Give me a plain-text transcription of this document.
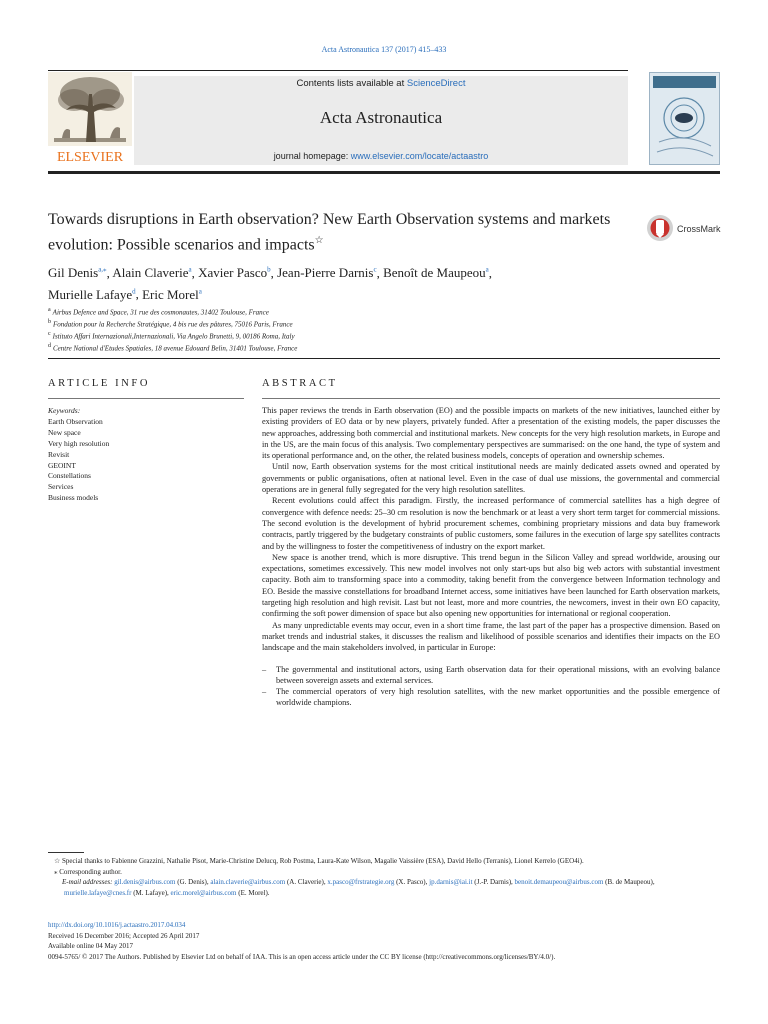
Acta Astronautica 137 (2017) 415–433
ELSEVIER
Contents lists available at ScienceDirect
Acta Astronautica
journal homepage: www.elsevier.com/locate/actaastro
Towards disruptions in Earth observation? New Earth Observation systems and markets evolution: Possible scenarios and impacts☆
CrossMark
Gil Denis$^{a,⁎}$, Alain Claverie$^a$, Xavier Pasco$^b$, Jean-Pierre Darnis$^c$, Benoît de Maupeou$^a$,
Murielle Lafaye$^d$, Eric Morel$^a$
a Airbus Defence and Space, 31 rue des cosmonautes, 31402 Toulouse, France
b Fondation pour la Recherche Stratégique, 4 bis rue des pâtures, 75016 Paris, France
c Istituto Affari Internazionali,Internazionali, Via Angelo Brunetti, 9, 00186 Roma, Italy
d Centre National d'Etudes Spatiales, 18 avenue Edouard Belin, 31401 Toulouse, France
ARTICLE INFO	ABSTRACT
Keywords:
Earth Observation
New space
Very high resolution
Revisit
GEOINT
Constellations
Services
Business models

This paper reviews the trends in Earth observation (EO) and the possible impacts on markets of the new initiatives, launched either by existing providers of EO data or by new players, privately funded. After a presentation of the existing models, the paper discusses the new approaches, addressing both commercial and institutional markets. New concepts for the very high resolution markets, in Europe and in the US, are the main focus of this analysis. Two complementary perspectives are summarised: on the one hand, the type of system and its operational performance and, on the other, the related business models, concepts of operation and ownership schemes.

Until now, Earth observation systems for the most critical institutional needs are mainly dedicated assets owned and operated by governments or public organisations, often at national level. Even in the case of dual use missions, the governmental and commercial operations are in general fully segregated for the very high resolution satellites.

Recent evolutions could affect this paradigm. Firstly, the increased performance of commercial satellites has a high degree of convergence with defence needs: 25–30 cm resolution is now the benchmark or at least a very short term target for commercial missions. The second evolution is the development of hybrid procurement schemes, combining proprietary missions and data buy framework contracts, partly triggered by the budgetary constraints of public customers, some failures in the execution of large spy satellites contracts and by the willingness to foster the competitiveness of industry on the export market.

New space is another trend, which is more disruptive. This trend begun in the Silicon Valley and spread worldwide, arousing our expectations, sometimes excessively. This new model involves not only start-ups but also big web actors with substantial investment capacity. Both aim to transforming space into a commodity, taking benefit from the convergence between Information technology and EO. Beside the massive constellations for broadband Internet access, some initiatives have been launched for Earth observation markets, targeting high resolution and high revisit. Last but not least, more and more countries, the newcomers, invest in their own EO capacity, confirming the soft power dimension of space but also opening new opportunities for international or regional cooperation.

As many unpredictable events may occur, even in a short time frame, the last part of the paper has a prospective dimension. Based on market trends and industrial stakes, it discusses the realism and likelihood of possible scenarios and identifies their impacts on the EO landscape and the main stakeholders involved, in particular in Europe:

– The governmental and institutional actors, using Earth observation data for their operational missions, with an evolving balance between sovereign assets and external services.
– The commercial operators of very high resolution satellites, with the new market opportunities and the possible emergence of worldwide champions.

☆ Special thanks to Fabienne Grazzini, Nathalie Pisot, Marie-Christine Delucq, Rob Postma, Laura-Kate Wilson, Magalie Vaissière (ESA), David Hello (Terranis), Lionel Kerrelo (GEO4i).

⁎ Corresponding author.

E-mail addresses: gil.denis@airbus.com (G. Denis), alain.claverie@airbus.com (A. Claverie), x.pasco@frstrategie.org (X. Pasco), jp.darnis@iai.it (J.-P. Darnis), benoit.demaupeou@airbus.com (B. de Maupeou), murielle.lafaye@cnes.fr (M. Lafaye), eric.morel@airbus.com (E. Morel).

http://dx.doi.org/10.1016/j.actaastro.2017.04.034

Received 16 December 2016; Accepted 26 April 2017

Available online 04 May 2017

0094-5765/ © 2017 The Authors. Published by Elsevier Ltd on behalf of IAA. This is an open access article under the CC BY license (http://creativecommons.org/licenses/BY/4.0/).
